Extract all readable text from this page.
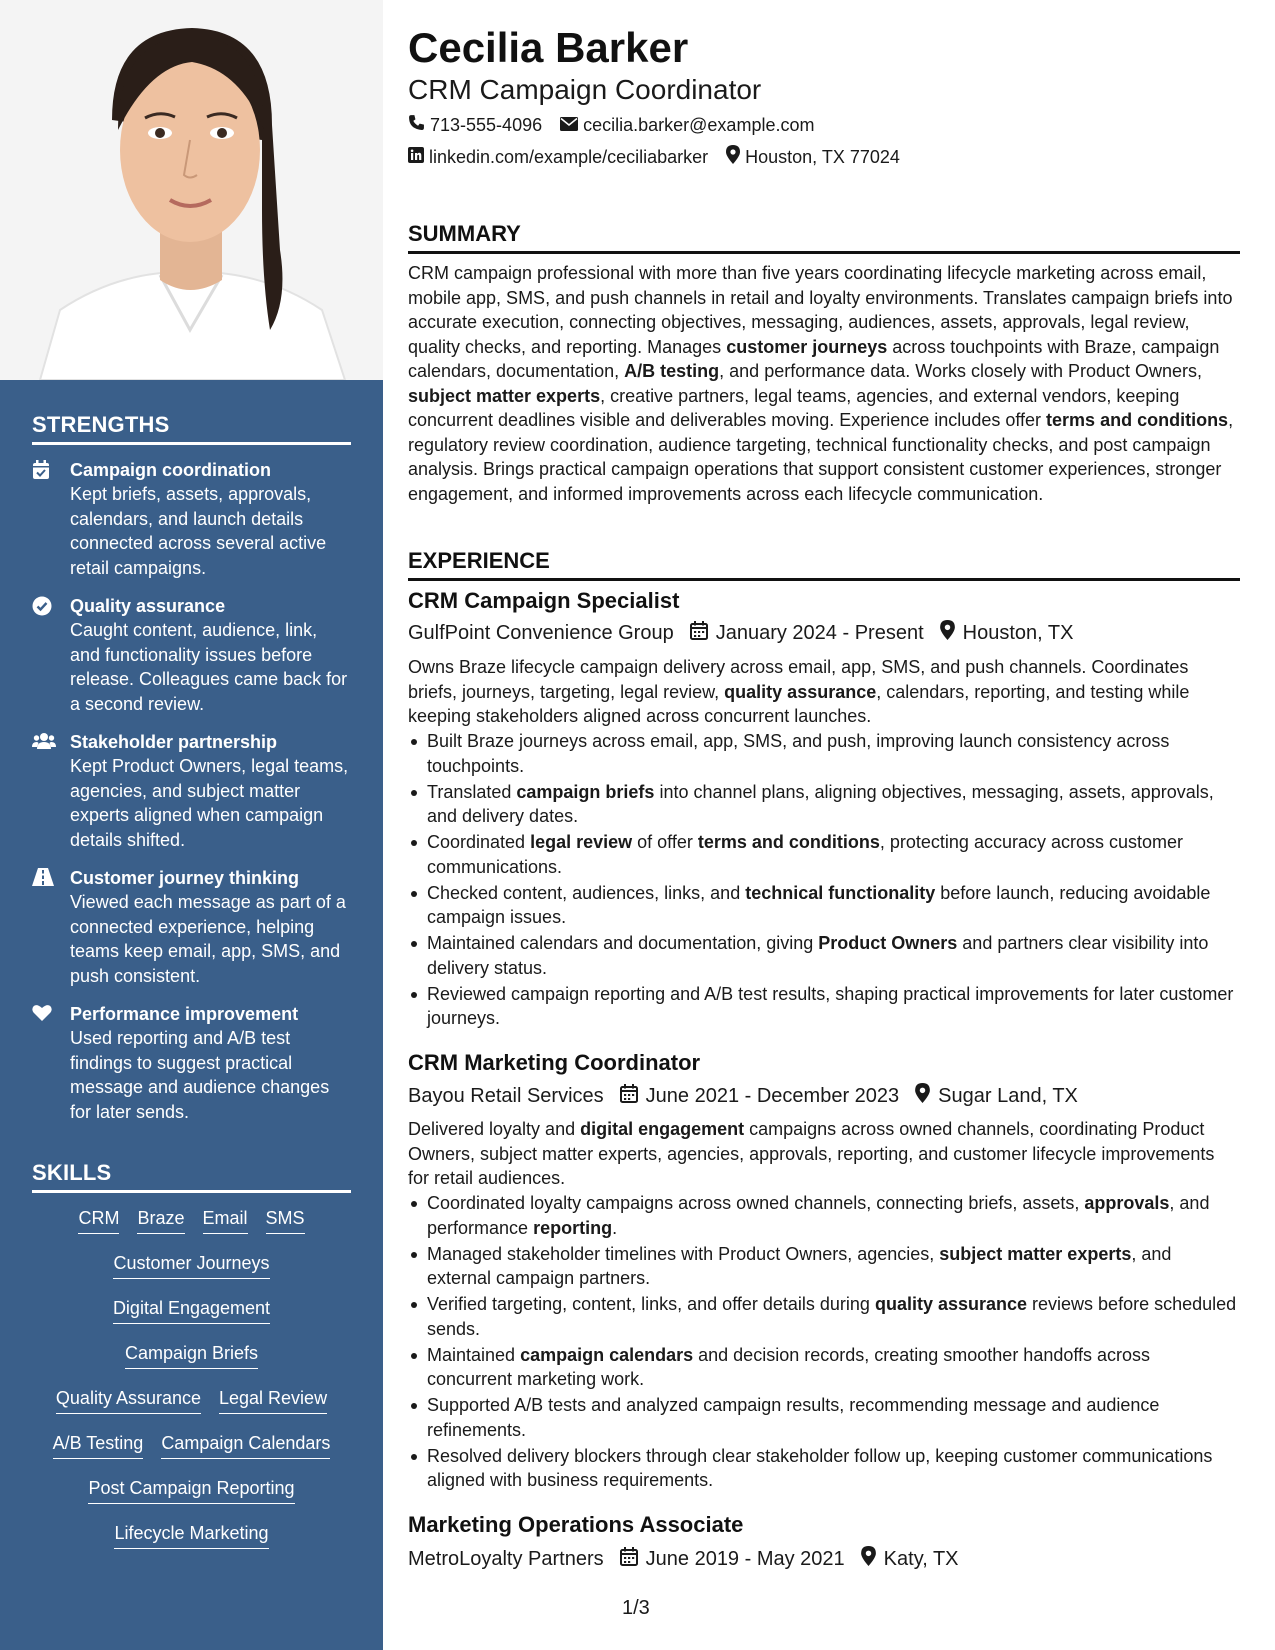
STRENGTHS
Campaign coordination
Kept briefs, assets, approvals, calendars, and launch details connected across several active retail campaigns.
Quality assurance
Caught content, audience, link, and functionality issues before release. Colleagues came back for a second review.
Stakeholder partnership
Kept Product Owners, legal teams, agencies, and subject matter experts aligned when campaign details shifted.
Customer journey thinking
Viewed each message as part of a connected experience, helping teams keep email, app, SMS, and push consistent.
Performance improvement
Used reporting and A/B test findings to suggest practical message and audience changes for later sends.
SKILLS
CRM Braze Email SMS
Customer Journeys
Digital Engagement
Campaign Briefs
Quality Assurance Legal Review
A/B Testing Campaign Calendars
Post Campaign Reporting
Lifecycle Marketing
Cecilia Barker
CRM Campaign Coordinator
713-555-4096 cecilia.barker@example.com
linkedin.com/example/ceciliabarker Houston, TX 77024
SUMMARY
CRM campaign professional with more than five years coordinating lifecycle marketing across email, mobile app, SMS, and push channels in retail and loyalty environments. Translates campaign briefs into accurate execution, connecting objectives, messaging, audiences, assets, approvals, legal review, quality checks, and reporting. Manages customer journeys across touchpoints with Braze, campaign calendars, documentation, A/B testing, and performance data. Works closely with Product Owners, subject matter experts, creative partners, legal teams, agencies, and external vendors, keeping concurrent deadlines visible and deliverables moving. Experience includes offer terms and conditions, regulatory review coordination, audience targeting, technical functionality checks, and post campaign analysis. Brings practical campaign operations that support consistent customer experiences, stronger engagement, and informed improvements across each lifecycle communication.
EXPERIENCE
CRM Campaign Specialist
GulfPoint Convenience Group January 2024 - Present Houston, TX
Owns Braze lifecycle campaign delivery across email, app, SMS, and push channels. Coordinates briefs, journeys, targeting, legal review, quality assurance, calendars, reporting, and testing while keeping stakeholders aligned across concurrent launches.
Built Braze journeys across email, app, SMS, and push, improving launch consistency across touchpoints.
Translated campaign briefs into channel plans, aligning objectives, messaging, assets, approvals, and delivery dates.
Coordinated legal review of offer terms and conditions, protecting accuracy across customer communications.
Checked content, audiences, links, and technical functionality before launch, reducing avoidable campaign issues.
Maintained calendars and documentation, giving Product Owners and partners clear visibility into delivery status.
Reviewed campaign reporting and A/B test results, shaping practical improvements for later customer journeys.
CRM Marketing Coordinator
Bayou Retail Services June 2021 - December 2023 Sugar Land, TX
Delivered loyalty and digital engagement campaigns across owned channels, coordinating Product Owners, subject matter experts, agencies, approvals, reporting, and customer lifecycle improvements for retail audiences.
Coordinated loyalty campaigns across owned channels, connecting briefs, assets, approvals, and performance reporting.
Managed stakeholder timelines with Product Owners, agencies, subject matter experts, and external campaign partners.
Verified targeting, content, links, and offer details during quality assurance reviews before scheduled sends.
Maintained campaign calendars and decision records, creating smoother handoffs across concurrent marketing work.
Supported A/B tests and analyzed campaign results, recommending message and audience refinements.
Resolved delivery blockers through clear stakeholder follow up, keeping customer communications aligned with business requirements.
Marketing Operations Associate
MetroLoyalty Partners June 2019 - May 2021 Katy, TX
1/3
